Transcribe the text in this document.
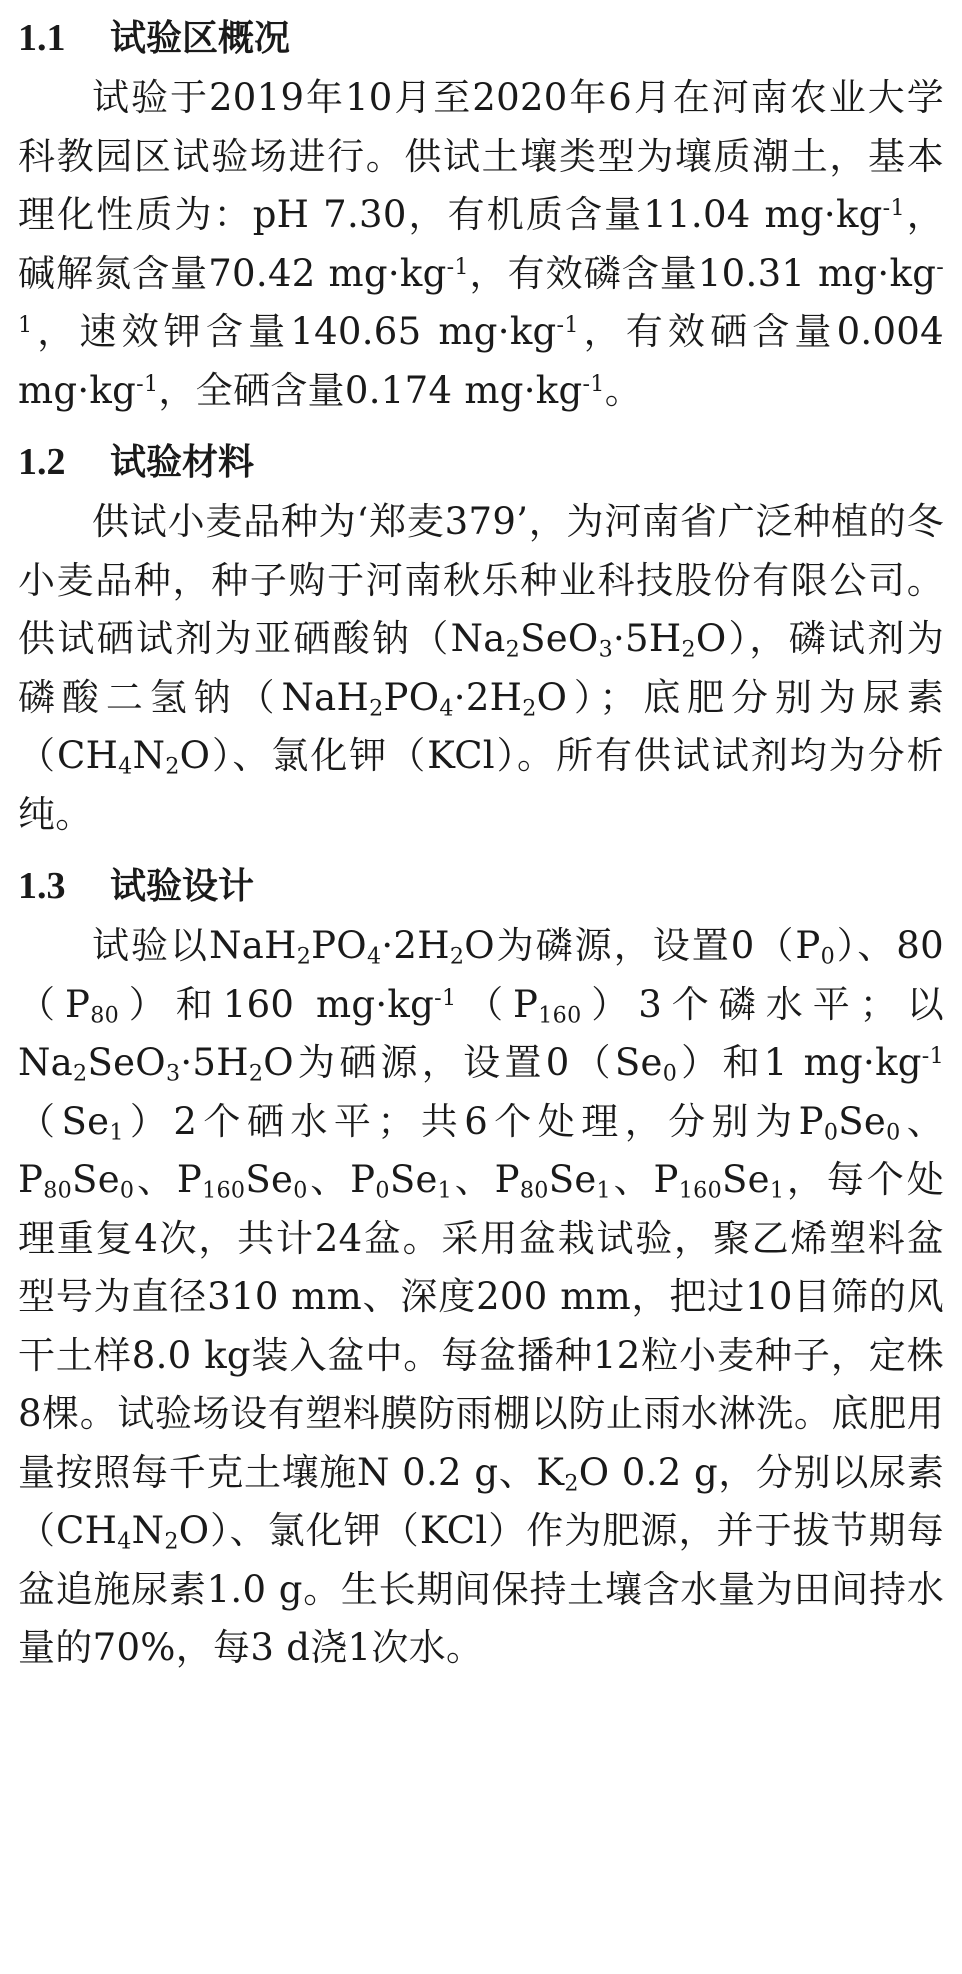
1.1	试验区概况

试验于2019年10月至2020年6月在河南农业大学科教园区试验场进行。供试土壤类型为壤质潮土，基本理化性质为：pH 7.30，有机质含量11.04 $mg\cdot kg^{-1}$，碱解氮含量70.42 $mg\cdot kg^{-1}$，有效磷含量10.31 $mg\cdot kg^{-1}$，速效钾含量140.65 $mg\cdot kg^{-1}$，有效硒含量0.004 $mg\cdot kg^{-1}$，全硒含量0.174 $mg\cdot kg^{-1}$。

1.2	试验材料

供试小麦品种为‘郑麦379’，为河南省广泛种植的冬小麦品种，种子购于河南秋乐种业科技股份有限公司。供试硒试剂为亚硒酸钠$(Na_2SeO_3\cdot 5H_2O)$，磷试剂为磷酸二氢钠$(NaH_2PO_4\cdot 2H_2O)$；底肥分别为尿素$(CH_4N_2O)$、氯化钾（KCl）。所有供试试剂均为分析纯。

1.3	试验设计

试验以$NaH_2PO_4\cdot 2H_2O$为磷源，设置$0(P_0)$、$80(P_{80})$和160 $mg\cdot kg^{-1}(P_{160})3$个磷水平；以$Na_2SeO_3\cdot 5H_2O$为硒源，设置$0(Se_0)$和1 $mg\cdot kg^{-1}(Se_1)2$个硒水平；共6个处理，分别为$P_0Se_0$、$P_{80}Se_0$、$P_{160}Se_0$、$P_0Se_1$、$P_{80}Se_1$、$P_{160}Se_1$，每个处理重复4次，共计24盆。采用盆栽试验，聚乙烯塑料盆型号为直径310 mm、深度200 mm，把过10目筛的风干土样8.0 kg装入盆中。每盆播种12粒小麦种子，定株8棵。试验场设有塑料膜防雨棚以防止雨水淋洗。底肥用量按照每千克土壤施N 0.2 g、$K_2O$ 0.2 g，分别以尿素$(CH_4N_2O)$、氯化钾（KCl）作为肥源，并于拔节期每盆追施尿素1.0 g。生长期间保持土壤含水量为田间持水量的70%，每3 d浇1次水。
